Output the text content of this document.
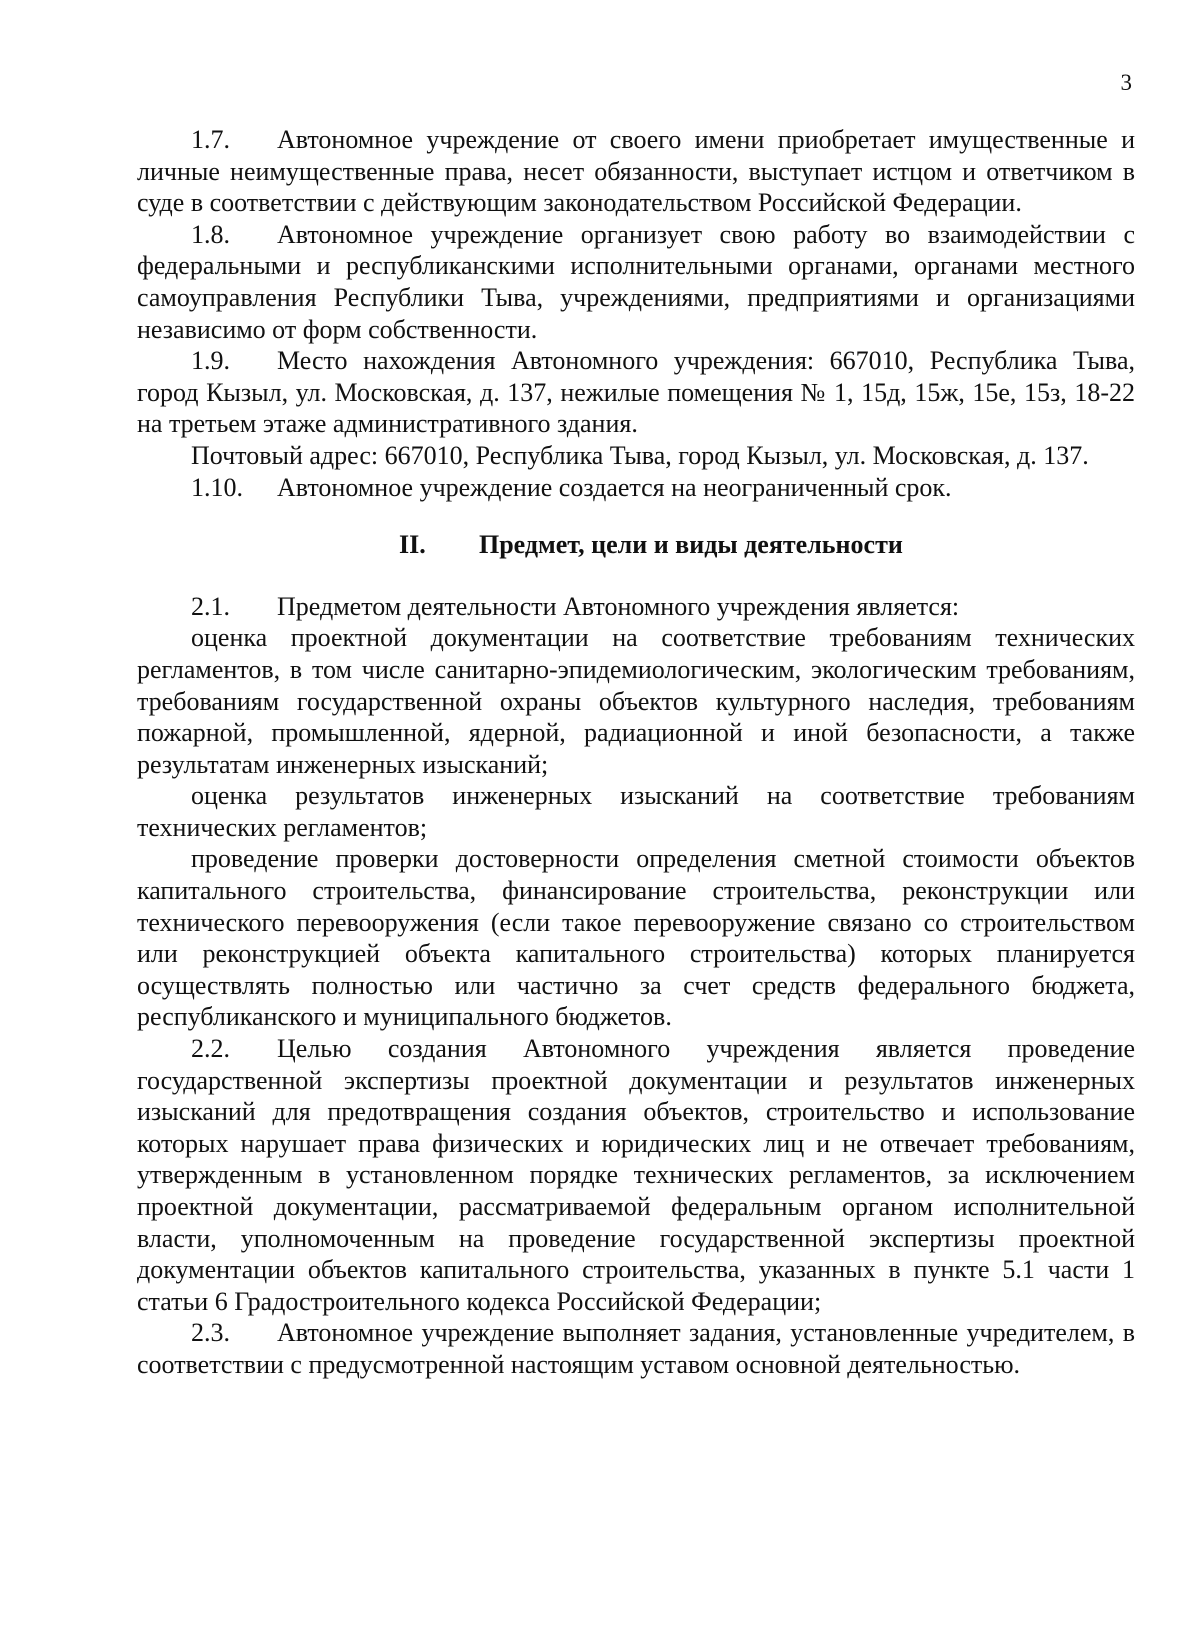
3

1.7. Автономное учреждение от своего имени приобретает имущественные и личные неимущественные права, несет обязанности, выступает истцом и ответчиком в суде в соответствии с действующим законодательством Российской Федерации.

1.8. Автономное учреждение организует свою работу во взаимодействии с федеральными и республиканскими исполнительными органами, органами местного самоуправления Республики Тыва, учреждениями, предприятиями и организациями независимо от форм собственности.

1.9. Место нахождения Автономного учреждения: 667010, Республика Тыва, город Кызыл, ул. Московская, д. 137, нежилые помещения № 1, 15д, 15ж, 15е, 15з, 18-22 на третьем этаже административного здания.

Почтовый адрес: 667010, Республика Тыва, город Кызыл, ул. Московская, д. 137.

1.10. Автономное учреждение создается на неограниченный срок.

II. Предмет, цели и виды деятельности

2.1. Предметом деятельности Автономного учреждения является:

оценка проектной документации на соответствие требованиям технических регламентов, в том числе санитарно-эпидемиологическим, экологическим требованиям, требованиям государственной охраны объектов культурного наследия, требованиям пожарной, промышленной, ядерной, радиационной и иной безопасности, а также результатам инженерных изысканий;

оценка результатов инженерных изысканий на соответствие требованиям технических регламентов;

проведение проверки достоверности определения сметной стоимости объектов капитального строительства, финансирование строительства, реконструкции или технического перевооружения (если такое перевооружение связано со строительством или реконструкцией объекта капитального строительства) которых планируется осуществлять полностью или частично за счет средств федерального бюджета, республиканского и муниципального бюджетов.

2.2. Целью создания Автономного учреждения является проведение государственной экспертизы проектной документации и результатов инженерных изысканий для предотвращения создания объектов, строительство и использование которых нарушает права физических и юридических лиц и не отвечает требованиям, утвержденным в установленном порядке технических регламентов, за исключением проектной документации, рассматриваемой федеральным органом исполнительной власти, уполномоченным на проведение государственной экспертизы проектной документации объектов капитального строительства, указанных в пункте 5.1 части 1 статьи 6 Градостроительного кодекса Российской Федерации;

2.3. Автономное учреждение выполняет задания, установленные учредителем, в соответствии с предусмотренной настоящим уставом основной деятельностью.
